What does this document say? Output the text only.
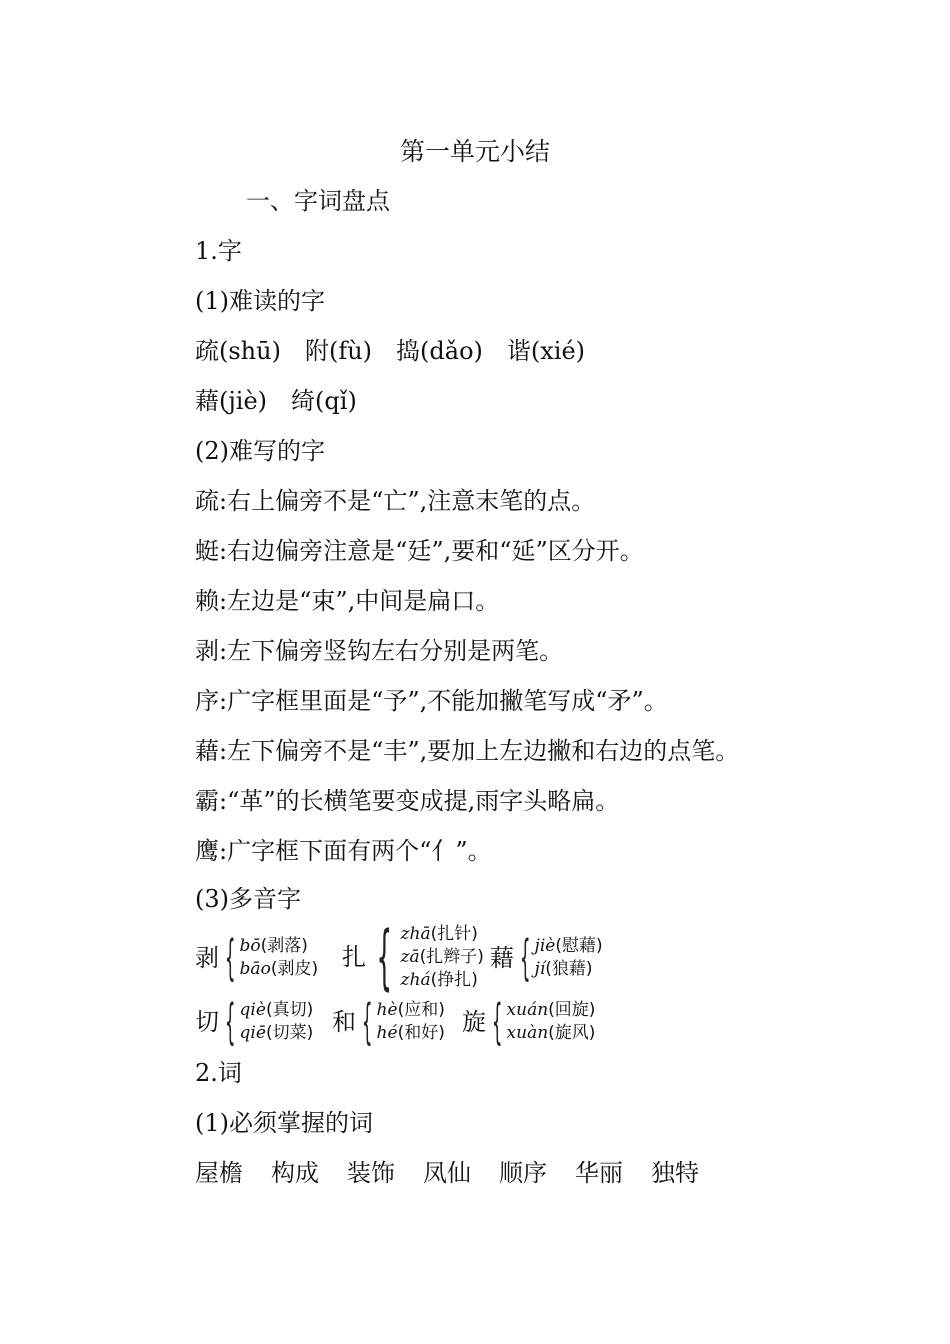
第一单元小结
一、字词盘点
1.字
(1)难读的字
疏(shū) 附(fù) 捣(dǎo) 谐(xié)
藉(jiè) 绮(qǐ)
(2)难写的字
疏:右上偏旁不是“亡”,注意末笔的点。
蜓:右边偏旁注意是“廷”,要和“延”区分开。
赖:左边是“束”,中间是扁口。
剥:左下偏旁竖钩左右分别是两笔。
序:广字框里面是“予”,不能加撇笔写成“矛”。
藉:左下偏旁不是“丰”,要加上左边撇和右边的点笔。
霸:“革”的长横笔要变成提,雨字头略扁。
鹰:广字框下面有两个“亻”。
(3)多音字
剥 { bō(剥落)
bāo(剥皮) 扎 { zhā(扎针)
zā(扎辫子)
zhá(挣扎)
藉 { jiè(慰藉)
jí(狼藉)
切 { qiè(真切)
qiē(切菜) 和 { hè(应和)
hé(和好) 旋 { xuán(回旋)
xuàn(旋风)
2.词
(1)必须掌握的词
屋檐 构成 装饰 凤仙 顺序 华丽 独特
